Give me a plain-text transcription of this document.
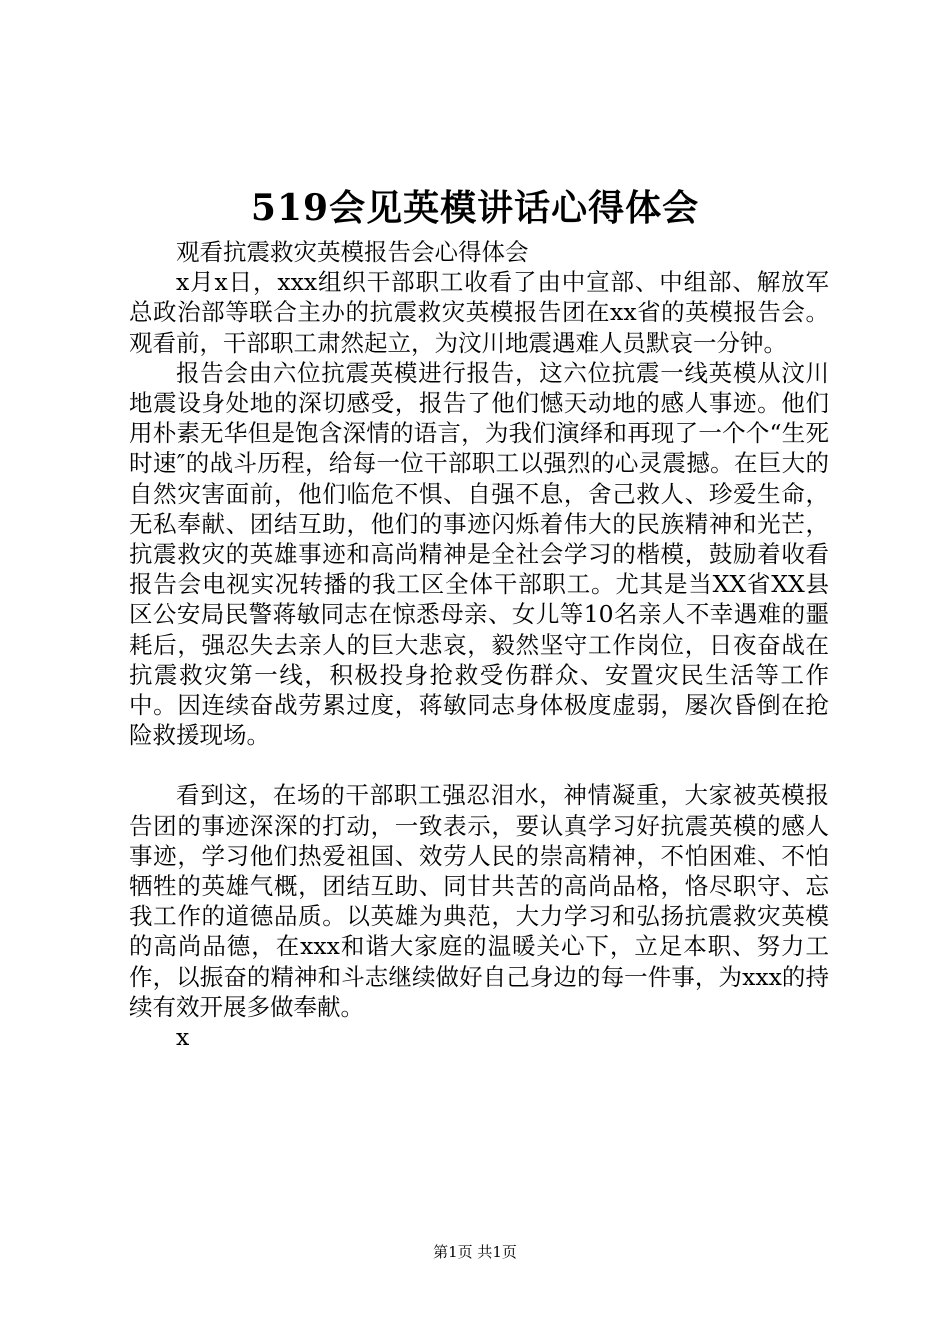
519会见英模讲话心得体会

观看抗震救灾英模报告会心得体会

x月x日，xxx组织干部职工收看了由中宣部、中组部、解放军总政治部等联合主办的抗震救灾英模报告团在xx省的英模报告会。观看前，干部职工肃然起立，为汶川地震遇难人员默哀一分钟。

报告会由六位抗震英模进行报告，这六位抗震一线英模从汶川地震设身处地的深切感受，报告了他们憾天动地的感人事迹。他们用朴素无华但是饱含深情的语言，为我们演绎和再现了一个个“生死时速″的战斗历程，给每一位干部职工以强烈的心灵震撼。在巨大的自然灾害面前，他们临危不惧、自强不息，舍己救人、珍爱生命，无私奉献、团结互助，他们的事迹闪烁着伟大的民族精神和光芒，抗震救灾的英雄事迹和高尚精神是全社会学习的楷模，鼓励着收看报告会电视实况转播的我工区全体干部职工。尤其是当XX省XX县区公安局民警蒋敏同志在惊悉母亲、女儿等10名亲人不幸遇难的噩耗后，强忍失去亲人的巨大悲哀，毅然坚守工作岗位，日夜奋战在抗震救灾第一线，积极投身抢救受伤群众、安置灾民生活等工作中。因连续奋战劳累过度，蒋敏同志身体极度虚弱，屡次昏倒在抢险救援现场。

看到这，在场的干部职工强忍泪水，神情凝重，大家被英模报告团的事迹深深的打动，一致表示，要认真学习好抗震英模的感人事迹，学习他们热爱祖国、效劳人民的崇高精神，不怕困难、不怕牺牲的英雄气概，团结互助、同甘共苦的高尚品格，恪尽职守、忘我工作的道德品质。以英雄为典范，大力学习和弘扬抗震救灾英模的高尚品德，在xxx和谐大家庭的温暖关心下，立足本职、努力工作，以振奋的精神和斗志继续做好自己身边的每一件事，为xxx的持续有效开展多做奉献。

x

第1页 共1页
